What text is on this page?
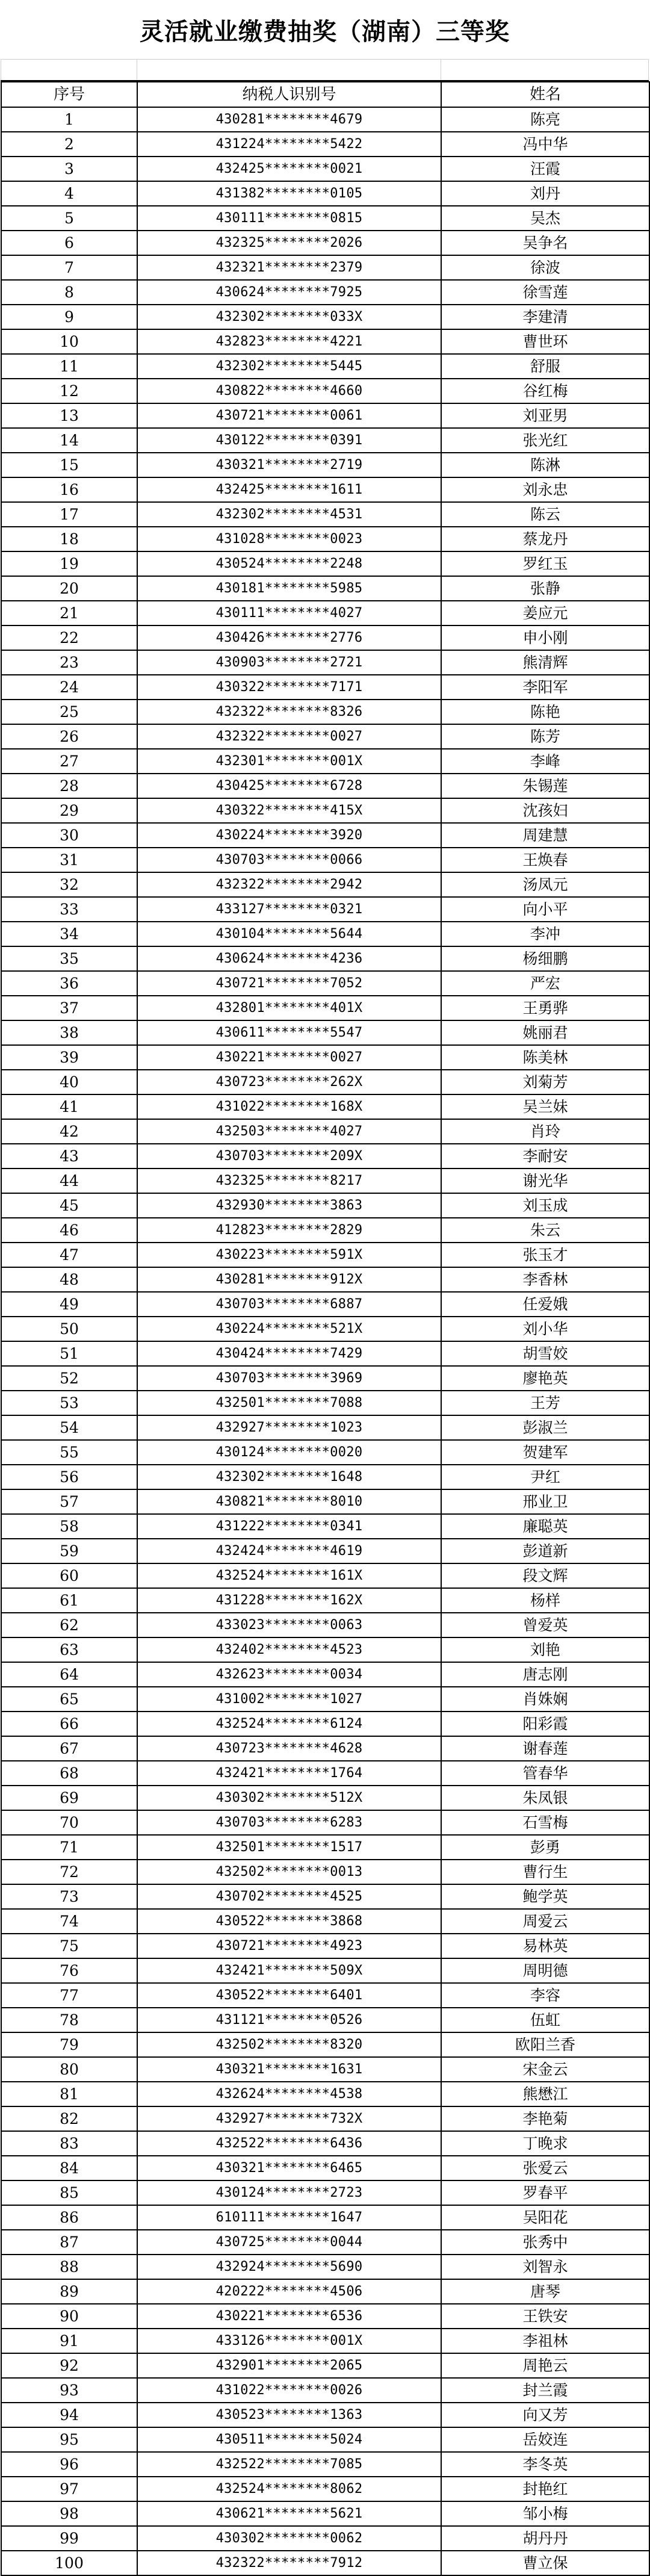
灵活就业缴费抽奖（湖南）三等奖
序号	纳税人识别号	姓名
1	430281********4679	陈亮
2	431224********5422	冯中华
3	432425********0021	汪霞
4	431382********0105	刘丹
5	430111********0815	吴杰
6	432325********2026	吴争名
7	432321********2379	徐波
8	430624********7925	徐雪莲
9	432302********033X	李建清
10	432823********4221	曹世环
11	432302********5445	舒服
12	430822********4660	谷红梅
13	430721********0061	刘亚男
14	430122********0391	张光红
15	430321********2719	陈淋
16	432425********1611	刘永忠
17	432302********4531	陈云
18	431028********0023	蔡龙丹
19	430524********2248	罗红玉
20	430181********5985	张静
21	430111********4027	姜应元
22	430426********2776	申小刚
23	430903********2721	熊清辉
24	430322********7171	李阳军
25	432322********8326	陈艳
26	432322********0027	陈芳
27	432301********001X	李峰
28	430425********6728	朱锡莲
29	430322********415X	沈孩妇
30	430224********3920	周建慧
31	430703********0066	王焕春
32	432322********2942	汤凤元
33	433127********0321	向小平
34	430104********5644	李冲
35	430624********4236	杨细鹏
36	430721********7052	严宏
37	432801********401X	王勇骅
38	430611********5547	姚丽君
39	430221********0027	陈美林
40	430723********262X	刘菊芳
41	431022********168X	吴兰妹
42	432503********4027	肖玲
43	430703********209X	李耐安
44	432325********8217	谢光华
45	432930********3863	刘玉成
46	412823********2829	朱云
47	430223********591X	张玉才
48	430281********912X	李香林
49	430703********6887	任爱娥
50	430224********521X	刘小华
51	430424********7429	胡雪姣
52	430703********3969	廖艳英
53	432501********7088	王芳
54	432927********1023	彭淑兰
55	430124********0020	贺建军
56	432302********1648	尹红
57	430821********8010	邢业卫
58	431222********0341	廉聪英
59	432424********4619	彭道新
60	432524********161X	段文辉
61	431228********162X	杨样
62	433023********0063	曾爱英
63	432402********4523	刘艳
64	432623********0034	唐志刚
65	431002********1027	肖姝娴
66	432524********6124	阳彩霞
67	430723********4628	谢春莲
68	432421********1764	管春华
69	430302********512X	朱凤银
70	430703********6283	石雪梅
71	432501********1517	彭勇
72	432502********0013	曹行生
73	430702********4525	鲍学英
74	430522********3868	周爱云
75	430721********4923	易林英
76	432421********509X	周明德
77	430522********6401	李容
78	431121********0526	伍虹
79	432502********8320	欧阳兰香
80	430321********1631	宋金云
81	432624********4538	熊懋江
82	432927********732X	李艳菊
83	432522********6436	丁晚求
84	430321********6465	张爱云
85	430124********2723	罗春平
86	610111********1647	吴阳花
87	430725********0044	张秀中
88	432924********5690	刘智永
89	420222********4506	唐琴
90	430221********6536	王铁安
91	433126********001X	李祖林
92	432901********2065	周艳云
93	431022********0026	封兰霞
94	430523********1363	向又芳
95	430511********5024	岳姣连
96	432522********7085	李冬英
97	432524********8062	封艳红
98	430621********5621	邹小梅
99	430302********0062	胡丹丹
100	432322********7912	曹立保
